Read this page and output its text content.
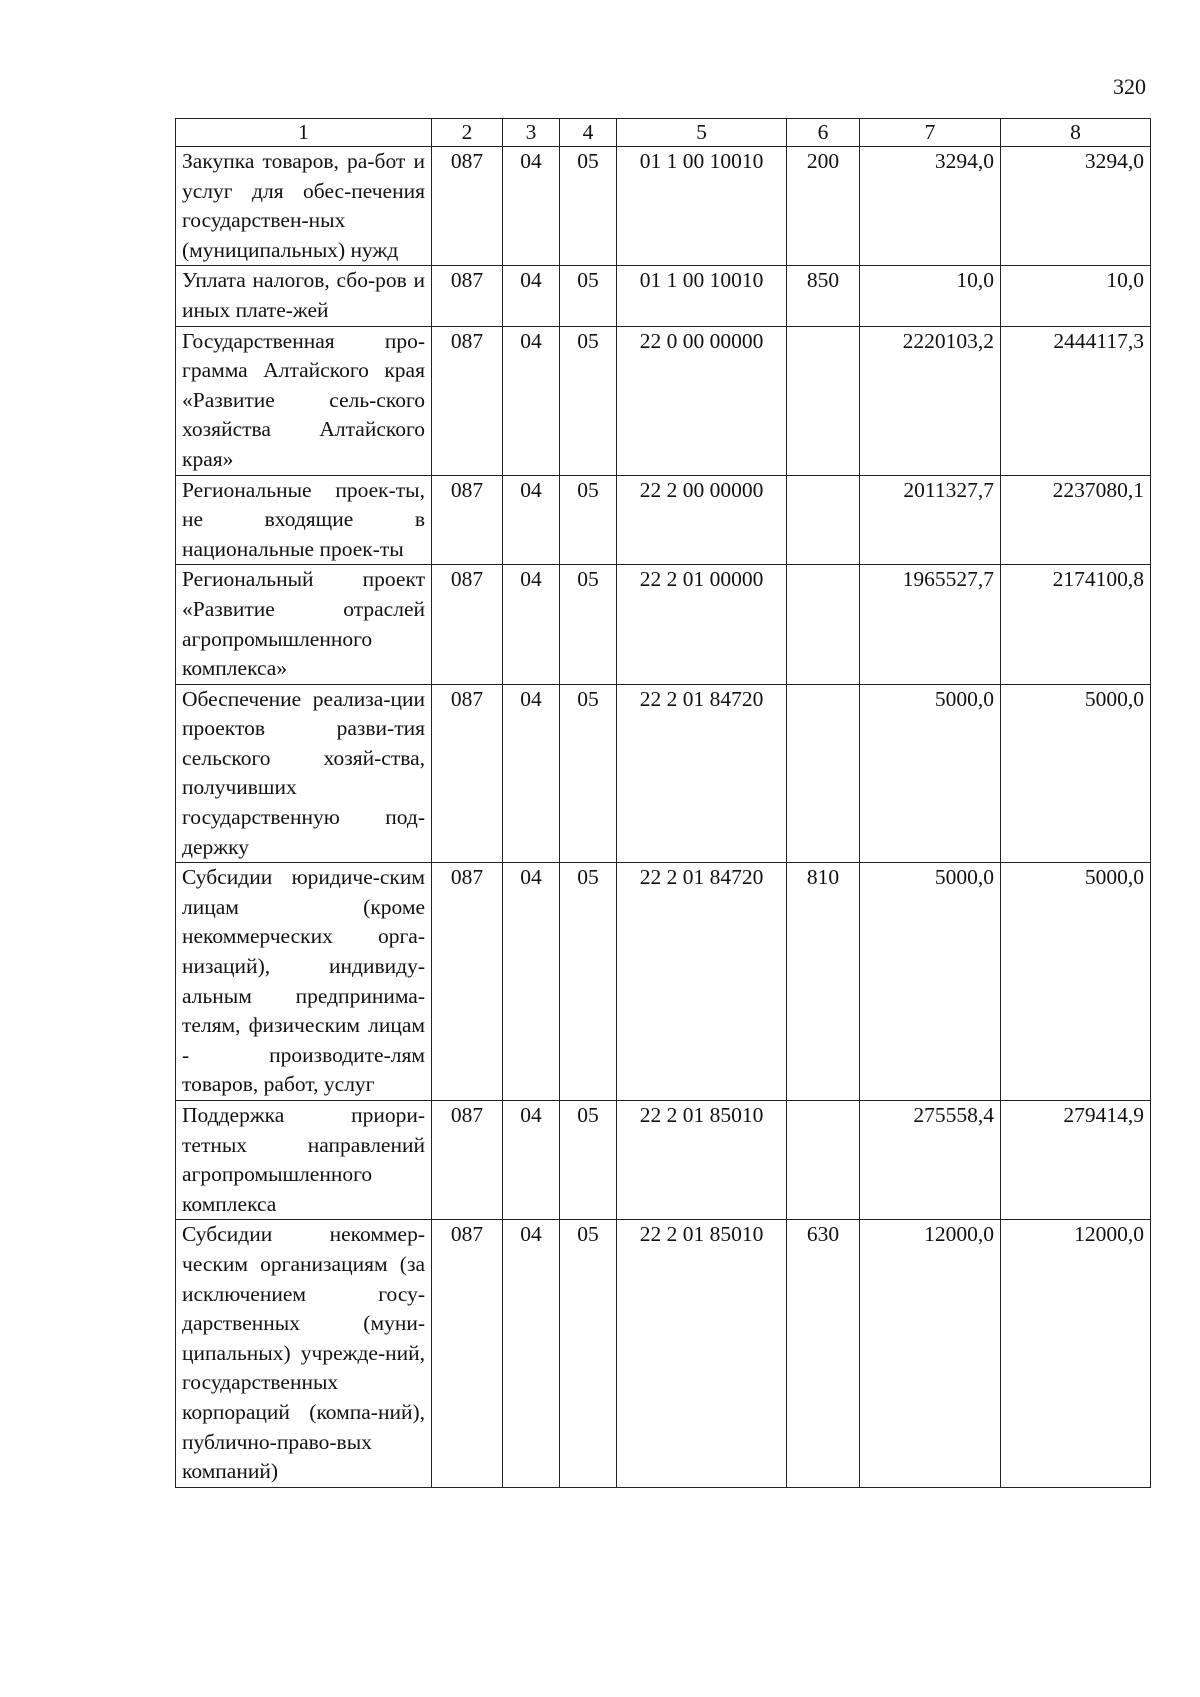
320
1	2	3	4	5	6	7	8
Закупка товаров, ра-бот и услуг для обес-печения государствен-ных (муниципальных) нужд	087	04	05	01 1 00 10010	200	3294,0	3294,0
Уплата налогов, сбо-ров и иных плате-жей	087	04	05	01 1 00 10010	850	10,0	10,0
Государственная про-грамма Алтайского края «Развитие сель-ского хозяйства Алтайского края»	087	04	05	22 0 00 00000		2220103,2	2444117,3
Региональные проек-ты, не входящие в национальные проек-ты	087	04	05	22 2 00 00000		2011327,7	2237080,1
Региональный проект «Развитие отраслей агропромышленного комплекса»	087	04	05	22 2 01 00000		1965527,7	2174100,8
Обеспечение реализа-ции проектов разви-тия сельского хозяй-ства, получивших государственную под-держку	087	04	05	22 2 01 84720		5000,0	5000,0
Субсидии юридиче-ским лицам (кроме некоммерческих орга-низаций), индивиду-альным предпринима-телям, физическим лицам - производите-лям товаров, работ, услуг	087	04	05	22 2 01 84720	810	5000,0	5000,0
Поддержка приори-тетных направлений агропромышленного комплекса	087	04	05	22 2 01 85010		275558,4	279414,9
Субсидии некоммер-ческим организациям (за исключением госу-дарственных (муни-ципальных) учрежде-ний, государственных корпораций (компа-ний), публично-право-вых компаний)	087	04	05	22 2 01 85010	630	12000,0	12000,0
